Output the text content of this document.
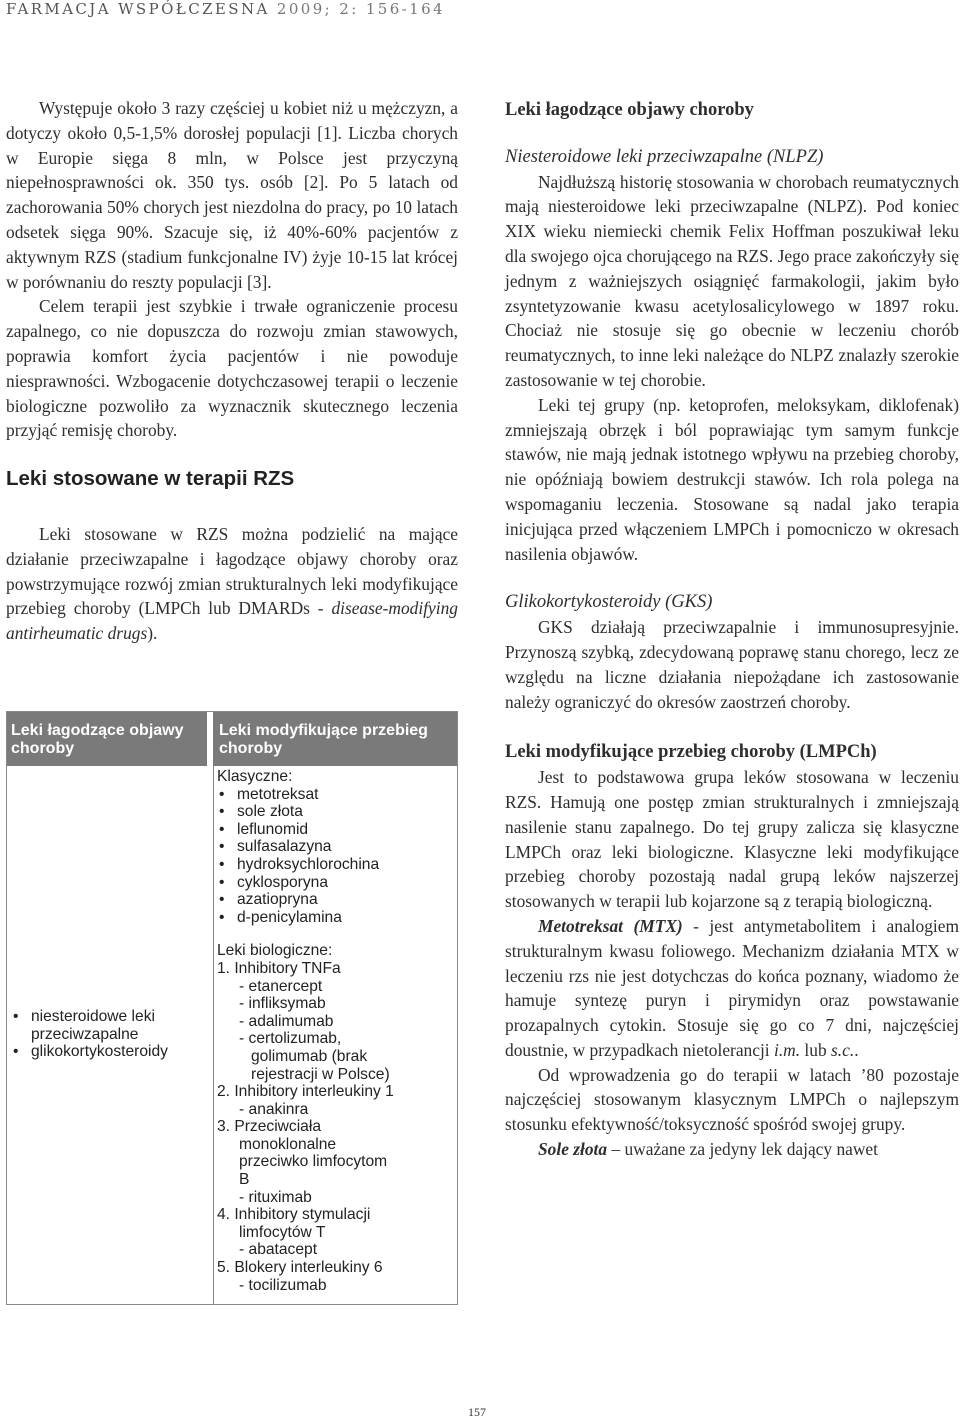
FARMACJA WSPÓŁCZESNA 2009; 2: 156-164

Występuje około 3 razy częściej u kobiet niż u mężczyzn, a dotyczy około 0,5-1,5% dorosłej populacji [1]. Liczba chorych w Europie sięga 8 mln, w Polsce jest przyczyną niepełnosprawności ok. 350 tys. osób [2]. Po 5 latach od zachorowania 50% chorych jest niezdolna do pracy, po 10 latach odsetek sięga 90%. Szacuje się, iż 40%-60% pacjentów z aktywnym RZS (stadium funkcjonalne IV) żyje 10-15 lat krócej w porównaniu do reszty populacji [3].

Celem terapii jest szybkie i trwałe ograniczenie procesu zapalnego, co nie dopuszcza do rozwoju zmian stawowych, poprawia komfort życia pacjentów i nie powoduje niesprawności. Wzbogacenie dotychczasowej terapii o leczenie biologiczne pozwoliło za wyznacznik skutecznego leczenia przyjąć remisję choroby.

Leki stosowane w terapii RZS

Leki stosowane w RZS można podzielić na mające działanie przeciwzapalne i łagodzące objawy choroby oraz powstrzymujące rozwój zmian strukturalnych leki modyfikujące przebieg choroby (LMPCh lub DMARDs - disease-modifying antirheumatic drugs).

Leki łagodzące objawy choroby
Leki modyfikujące przebieg choroby
• niesteroidowe leki przeciwzapalne
• glikokortykosteroidy
Klasyczne:
• metotreksat
• sole złota
• leflunomid
• sulfasalazyna
• hydroksychlorochina
• cyklosporyna
• azatiopryna
• d-penicylamina
Leki biologiczne:
1. Inhibitory TNFa
- etanercept
- infliksymab
- adalimumab
- certolizumab,
golimumab (brak
rejestracji w Polsce)
2. Inhibitory interleukiny 1
- anakinra
3. Przeciwciała
monoklonalne
przeciwko limfocytom
B
- rituximab
4. Inhibitory stymulacji
limfocytów T
- abatacept
5. Blokery interleukiny 6
- tocilizumab
Leki łagodzące objawy choroby
Niesteroidowe leki przeciwzapalne (NLPZ)

Najdłuższą historię stosowania w chorobach reumatycznych mają niesteroidowe leki przeciwzapalne (NLPZ). Pod koniec XIX wieku niemiecki chemik Felix Hoffman poszukiwał leku dla swojego ojca chorującego na RZS. Jego prace zakończyły się jednym z ważniejszych osiągnięć farmakologii, jakim było zsyntetyzowanie kwasu acetylosalicylowego w 1897 roku. Chociaż nie stosuje się go obecnie w leczeniu chorób reumatycznych, to inne leki należące do NLPZ znalazły szerokie zastosowanie w tej chorobie.

Leki tej grupy (np. ketoprofen, meloksykam, diklofenak) zmniejszają obrzęk i ból poprawiając tym samym funkcje stawów, nie mają jednak istotnego wpływu na przebieg choroby, nie opóźniają bowiem destrukcji stawów. Ich rola polega na wspomaganiu leczenia. Stosowane są nadal jako terapia inicjująca przed włączeniem LMPCh i pomocniczo w okresach nasilenia objawów.

Glikokortykosteroidy (GKS)

GKS działają przeciwzapalnie i immunosupresyjnie. Przynoszą szybką, zdecydowaną poprawę stanu chorego, lecz ze względu na liczne działania niepożądane ich zastosowanie należy ograniczyć do okresów zaostrzeń choroby.

Leki modyfikujące przebieg choroby (LMPCh)

Jest to podstawowa grupa leków stosowana w leczeniu RZS. Hamują one postęp zmian strukturalnych i zmniejszają nasilenie stanu zapalnego. Do tej grupy zalicza się klasyczne LMPCh oraz leki biologiczne. Klasyczne leki modyfikujące przebieg choroby pozostają nadal grupą leków najszerzej stosowanych w terapii lub kojarzone są z terapią biologiczną.

Metotreksat (MTX) - jest antymetabolitem i analogiem strukturalnym kwasu foliowego. Mechanizm działania MTX w leczeniu rzs nie jest dotychczas do końca poznany, wiadomo że hamuje syntezę puryn i pirymidyn oraz powstawanie prozapalnych cytokin. Stosuje się go co 7 dni, najczęściej doustnie, w przypadkach nietolerancji i.m. lub s.c..

Od wprowadzenia go do terapii w latach ’80 pozostaje najczęściej stosowanym klasycznym LMPCh o najlepszym stosunku efektywność/toksyczność spośród swojej grupy.

Sole złota – uważane za jedyny lek dający nawet

157
